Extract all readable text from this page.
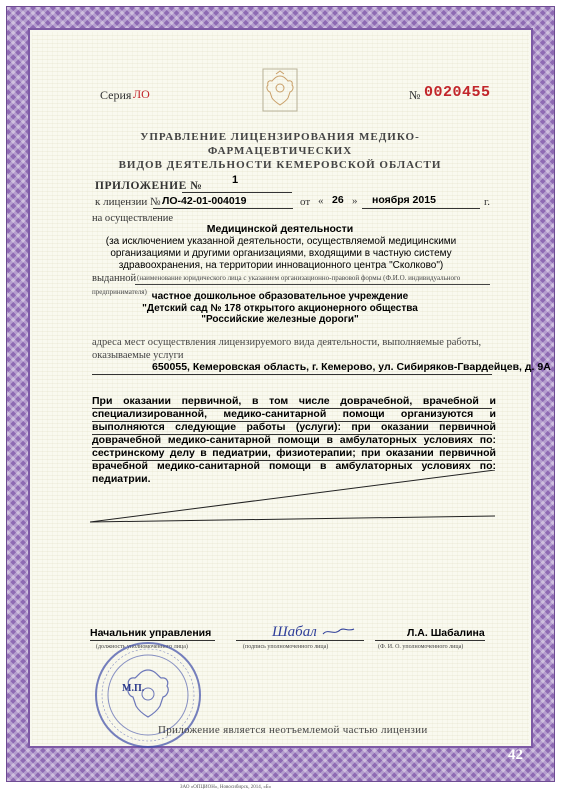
Серия ЛО	№ 0020455
УПРАВЛЕНИЕ ЛИЦЕНЗИРОВАНИЯ МЕДИКО-ФАРМАЦЕВТИЧЕСКИХ
ВИДОВ ДЕЯТЕЛЬНОСТИ КЕМЕРОВСКОЙ ОБЛАСТИ
ПРИЛОЖЕНИЕ №	1
к лицензии № ЛО-42-01-004019	от « 26 » ноября 2015	г.
на осуществление
Медицинской деятельности
(за исключением указанной деятельности, осуществляемой медицинскими организациями и другими организациями, входящими в частную систему здравоохранения, на территории инновационного центра "Сколково")
выданной (наименование юридического лица с указанием организационно-правовой формы (Ф.И.О. индивидуального
предпринимателя) частное дошкольное образовательное учреждение
"Детский сад № 178 открытого акционерного общества
"Российские железные дороги"
адреса мест осуществления лицензируемого вида деятельности, выполняемые работы, оказываемые услуги
650055, Кемеровская область, г. Кемерово, ул. Сибиряков-Гвардейцев, д. 9А
При оказании первичной, в том числе доврачебной, врачебной и специализированной, медико-санитарной помощи организуются и выполняются следующие работы (услуги): при оказании первичной доврачебной медико-санитарной помощи в амбулаторных условиях по: сестринскому делу в педиатрии, физиотерапии; при оказании первичной врачебной медико-санитарной помощи в амбулаторных условиях по: педиатрии.
Начальник управления
(должность уполномоченного лица)
Шабал
(подпись уполномоченного лица)
Л.А. Шабалина
(Ф. И. О. уполномоченного лица)
М.П.
Приложение является неотъемлемой частью лицензии
42
ЗАО «ОПЦИОН», Новосибирск, 2014, «Б»
